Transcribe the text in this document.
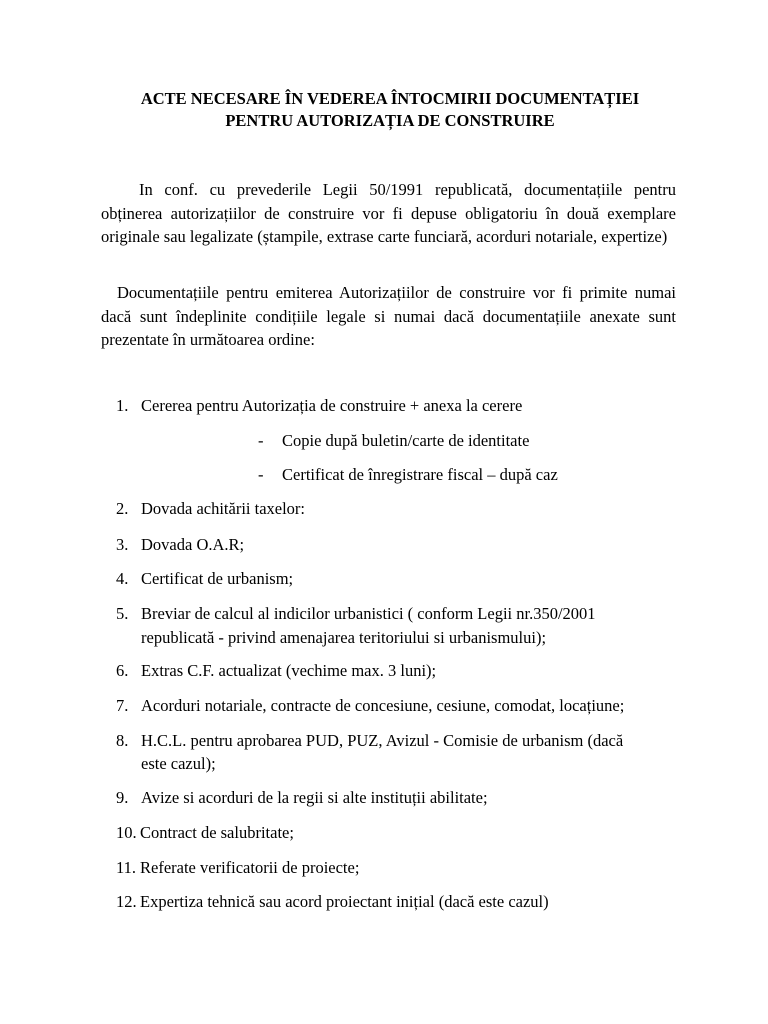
ACTE NECESARE ÎN VEDEREA ÎNTOCMIRII DOCUMENTAȚIEI
PENTRU AUTORIZAȚIA DE CONSTRUIRE
In conf. cu prevederile Legii 50/1991 republicată, documentațiile pentru obținerea autorizațiilor de construire vor fi depuse obligatoriu în două exemplare originale sau legalizate (ștampile, extrase carte funciară, acorduri notariale, expertize)
Documentațiile pentru emiterea Autorizațiilor de construire vor fi primite numai dacă sunt îndeplinite condițiile legale si numai dacă documentațiile anexate sunt prezentate în următoarea ordine:
1. Cererea pentru Autorizația de construire + anexa la cerere
- Copie după buletin/carte de identitate
- Certificat de înregistrare fiscal – după caz
2. Dovada achitării taxelor:
3. Dovada O.A.R;
4. Certificat de urbanism;
5. Breviar de calcul al indicilor urbanistici ( conform Legii nr.350/2001
republicată - privind amenajarea teritoriului si urbanismului);
6. Extras C.F. actualizat (vechime max. 3 luni);
7. Acorduri notariale, contracte de concesiune, cesiune, comodat, locațiune;
8. H.C.L. pentru aprobarea PUD, PUZ, Avizul - Comisie de urbanism (dacă
este cazul);
9. Avize si acorduri de la regii si alte instituții abilitate;
10. Contract de salubritate;
11. Referate verificatorii de proiecte;
12. Expertiza tehnică sau acord proiectant inițial (dacă este cazul)
